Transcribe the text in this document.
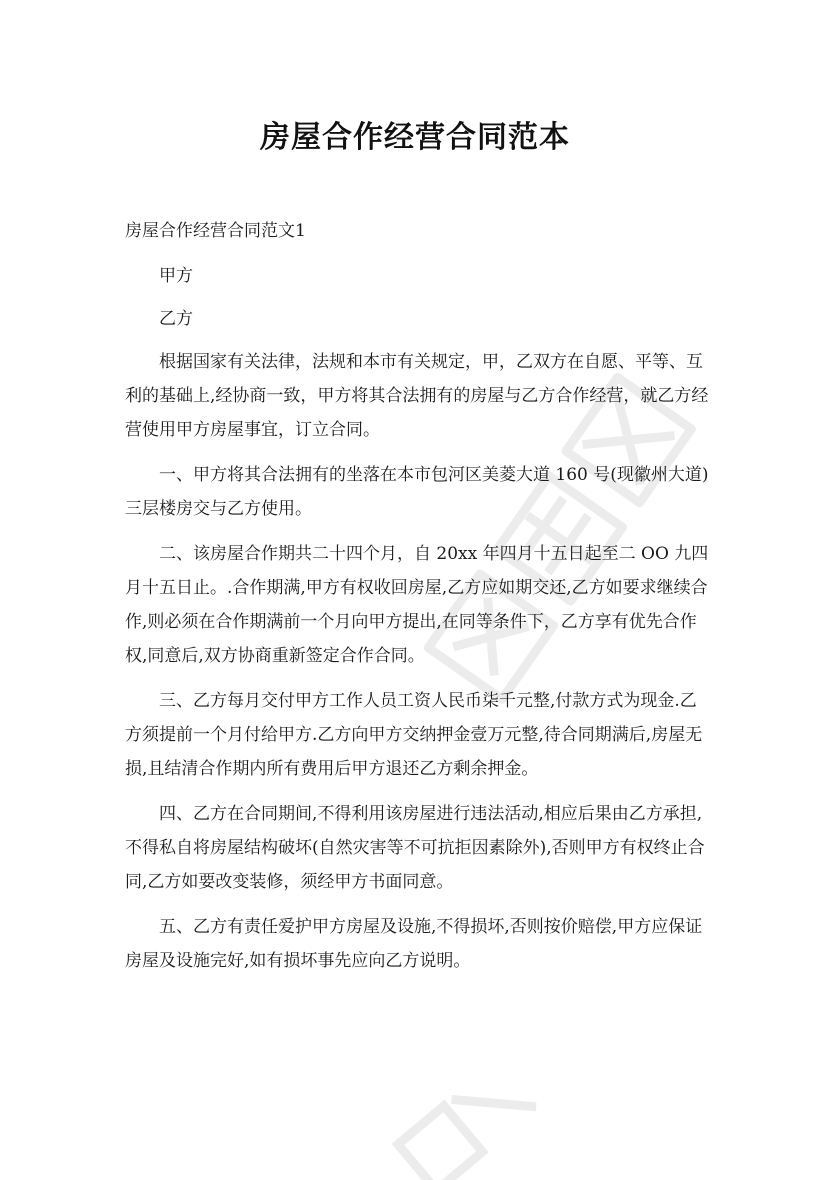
房屋合作经营合同范本

房屋合作经营合同范文1

甲方

乙方

根据国家有关法律，法规和本市有关规定，甲，乙双方在自愿、平等、互利的基础上,经协商一致，甲方将其合法拥有的房屋与乙方合作经营，就乙方经营使用甲方房屋事宜，订立合同。

一、甲方将其合法拥有的坐落在本市包河区美菱大道 160 号(现徽州大道)三层楼房交与乙方使用。

二、该房屋合作期共二十四个月，自 20xx 年四月十五日起至二 OO 九四月十五日止。.合作期满,甲方有权收回房屋,乙方应如期交还,乙方如要求继续合作,则必须在合作期满前一个月向甲方提出,在同等条件下，乙方享有优先合作权,同意后,双方协商重新签定合作合同。

三、乙方每月交付甲方工作人员工资人民币柒千元整,付款方式为现金.乙方须提前一个月付给甲方.乙方向甲方交纳押金壹万元整,待合同期满后,房屋无损,且结清合作期内所有费用后甲方退还乙方剩余押金。

四、乙方在合同期间,不得利用该房屋进行违法活动,相应后果由乙方承担,不得私自将房屋结构破坏(自然灾害等不可抗拒因素除外),否则甲方有权终止合同,乙方如要改变装修，须经甲方书面同意。

五、乙方有责任爱护甲方房屋及设施,不得损坏,否则按价赔偿,甲方应保证房屋及设施完好,如有损坏事先应向乙方说明。
